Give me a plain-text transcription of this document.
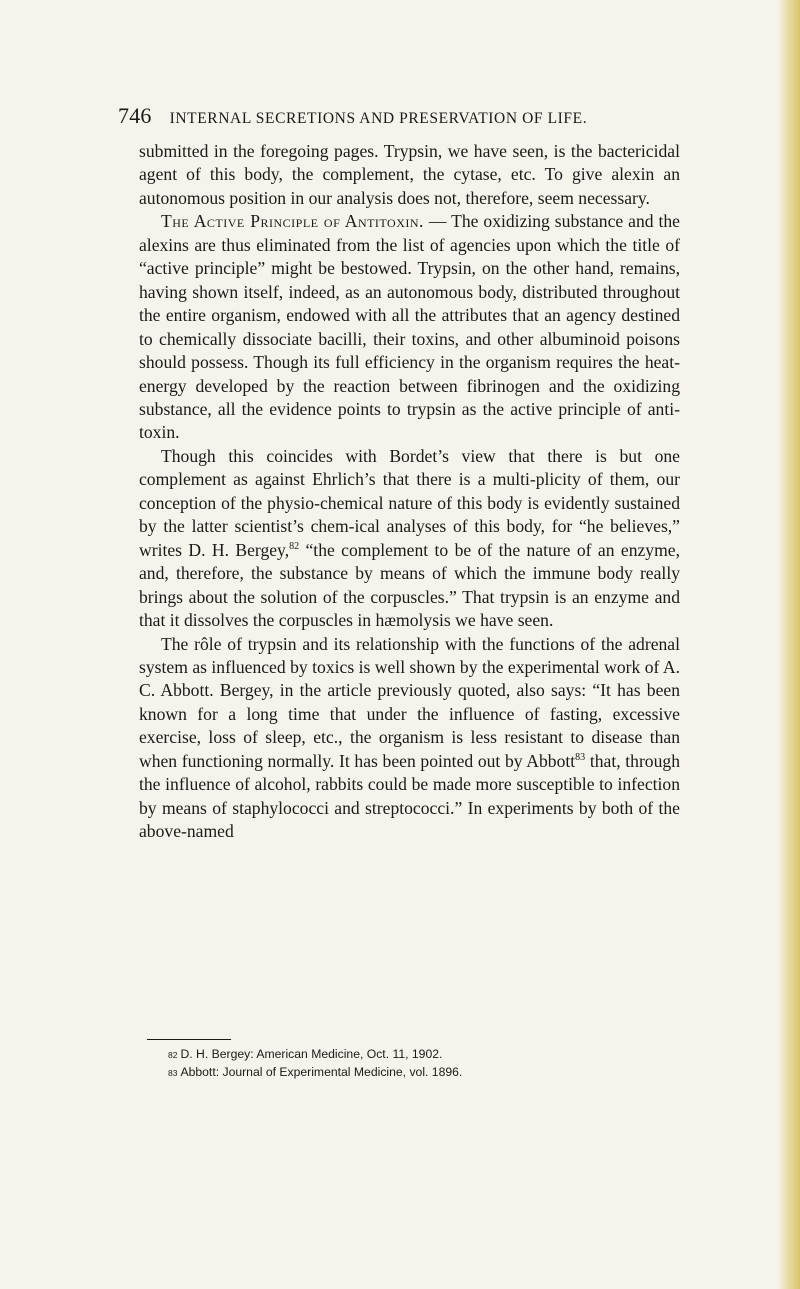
746 INTERNAL SECRETIONS AND PRESERVATION OF LIFE.

submitted in the foregoing pages. Trypsin, we have seen, is the bactericidal agent of this body, the complement, the cytase, etc. To give alexin an autonomous position in our analysis does not, therefore, seem necessary.

The Active Principle of Antitoxin. — The oxidizing substance and the alexins are thus eliminated from the list of agencies upon which the title of “active principle” might be bestowed. Trypsin, on the other hand, remains, having shown itself, indeed, as an autonomous body, distributed throughout the entire organism, endowed with all the attributes that an agency destined to chemically dissociate bacilli, their toxins, and other albuminoid poisons should possess. Though its full efficiency in the organism requires the heat-energy developed by the reaction between fibrinogen and the oxidizing substance, all the evidence points to trypsin as the active principle of anti-toxin.

Though this coincides with Bordet’s view that there is but one complement as against Ehrlich’s that there is a multi-plicity of them, our conception of the physio-chemical nature of this body is evidently sustained by the latter scientist’s chem-ical analyses of this body, for “he believes,” writes D. H. Bergey,$^{82}$ “the complement to be of the nature of an enzyme, and, therefore, the substance by means of which the immune body really brings about the solution of the corpuscles.” That trypsin is an enzyme and that it dissolves the corpuscles in hæmolysis we have seen.

The rôle of trypsin and its relationship with the functions of the adrenal system as influenced by toxics is well shown by the experimental work of A. C. Abbott. Bergey, in the article previously quoted, also says: “It has been known for a long time that under the influence of fasting, excessive exercise, loss of sleep, etc., the organism is less resistant to disease than when functioning normally. It has been pointed out by Abbott$^{83}$ that, through the influence of alcohol, rabbits could be made more susceptible to infection by means of staphylococci and streptococci.” In experiments by both of the above-named

82 D. H. Bergey: American Medicine, Oct. 11, 1902.
83 Abbott: Journal of Experimental Medicine, vol. 1896.
